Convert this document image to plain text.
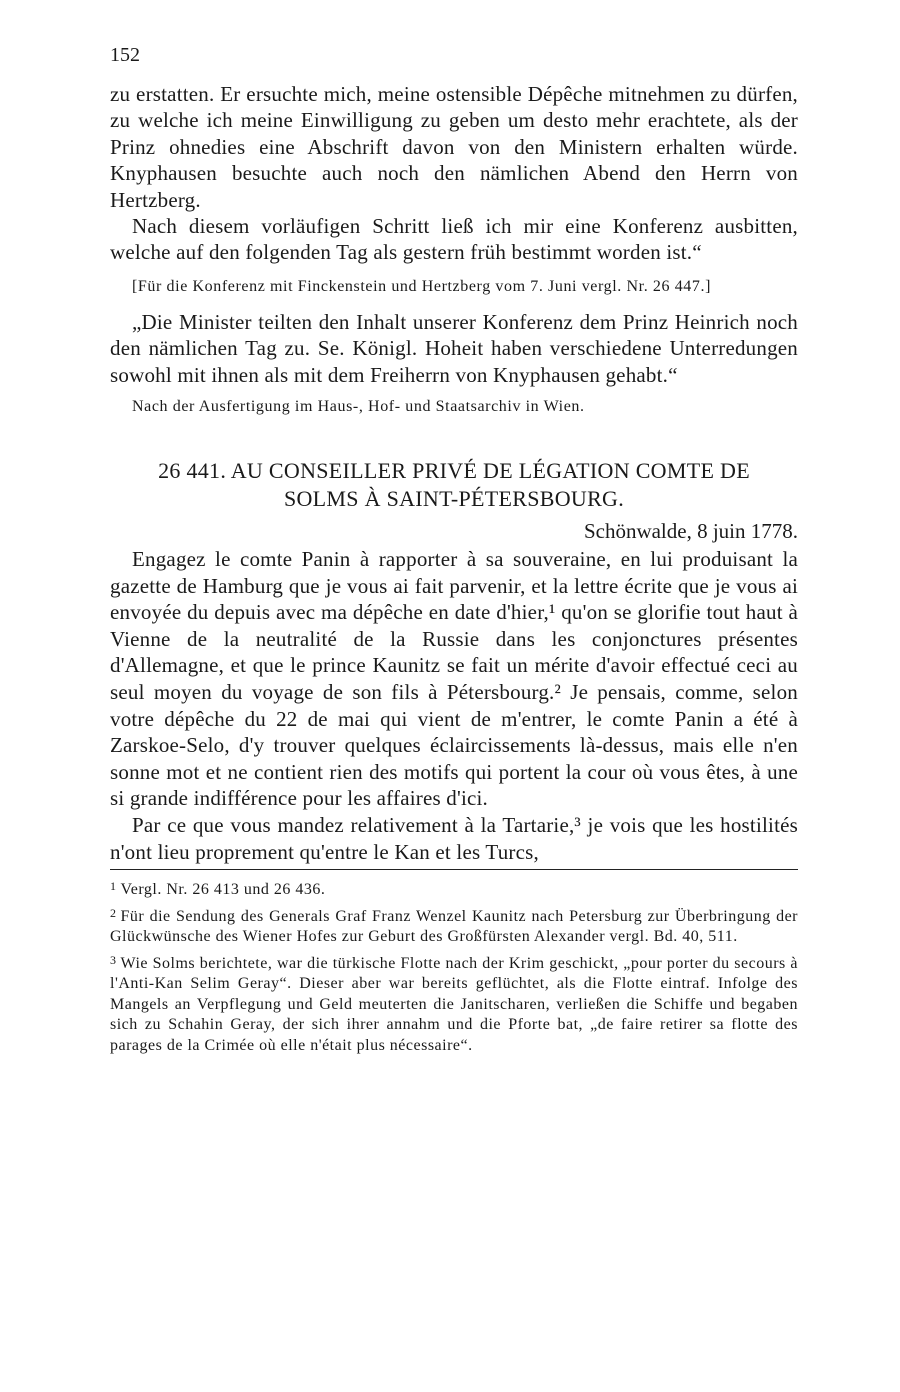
152

zu erstatten. Er ersuchte mich, meine ostensible Dépêche mitnehmen zu dürfen, zu welche ich meine Einwilligung zu geben um desto mehr erachtete, als der Prinz ohnedies eine Abschrift davon von den Ministern erhalten würde. Knyphausen besuchte auch noch den nämlichen Abend den Herrn von Hertzberg.

Nach diesem vorläufigen Schritt ließ ich mir eine Konferenz ausbitten, welche auf den folgenden Tag als gestern früh bestimmt worden ist.“

[Für die Konferenz mit Finckenstein und Hertzberg vom 7. Juni vergl. Nr. 26 447.]

„Die Minister teilten den Inhalt unserer Konferenz dem Prinz Heinrich noch den nämlichen Tag zu. Se. Königl. Hoheit haben verschiedene Unterredungen sowohl mit ihnen als mit dem Freiherrn von Knyphausen gehabt.“

Nach der Ausfertigung im Haus-, Hof- und Staatsarchiv in Wien.

26 441. AU CONSEILLER PRIVÉ DE LÉGATION COMTE DE
SOLMS À SAINT-PÉTERSBOURG.
Schönwalde, 8 juin 1778.

Engagez le comte Panin à rapporter à sa souveraine, en lui produisant la gazette de Hamburg que je vous ai fait parvenir, et la lettre écrite que je vous ai envoyée du depuis avec ma dépêche en date d'hier,¹ qu'on se glorifie tout haut à Vienne de la neutralité de la Russie dans les conjonctures présentes d'Allemagne, et que le prince Kaunitz se fait un mérite d'avoir effectué ceci au seul moyen du voyage de son fils à Pétersbourg.² Je pensais, comme, selon votre dépêche du 22 de mai qui vient de m'entrer, le comte Panin a été à Zarskoe-Selo, d'y trouver quelques éclaircissements là-dessus, mais elle n'en sonne mot et ne contient rien des motifs qui portent la cour où vous êtes, à une si grande indifférence pour les affaires d'ici.

Par ce que vous mandez relativement à la Tartarie,³ je vois que les hostilités n'ont lieu proprement qu'entre le Kan et les Turcs,

$^1$ Vergl. Nr. 26 413 und 26 436.

$^2$ Für die Sendung des Generals Graf Franz Wenzel Kaunitz nach Petersburg zur Überbringung der Glückwünsche des Wiener Hofes zur Geburt des Großfürsten Alexander vergl. Bd. 40, 511.

$^3$ Wie Solms berichtete, war die türkische Flotte nach der Krim geschickt, „pour porter du secours à l'Anti-Kan Selim Geray“. Dieser aber war bereits geflüchtet, als die Flotte eintraf. Infolge des Mangels an Verpflegung und Geld meuterten die Janitscharen, verließen die Schiffe und begaben sich zu Schahin Geray, der sich ihrer annahm und die Pforte bat, „de faire retirer sa flotte des parages de la Crimée où elle n'était plus nécessaire“.
